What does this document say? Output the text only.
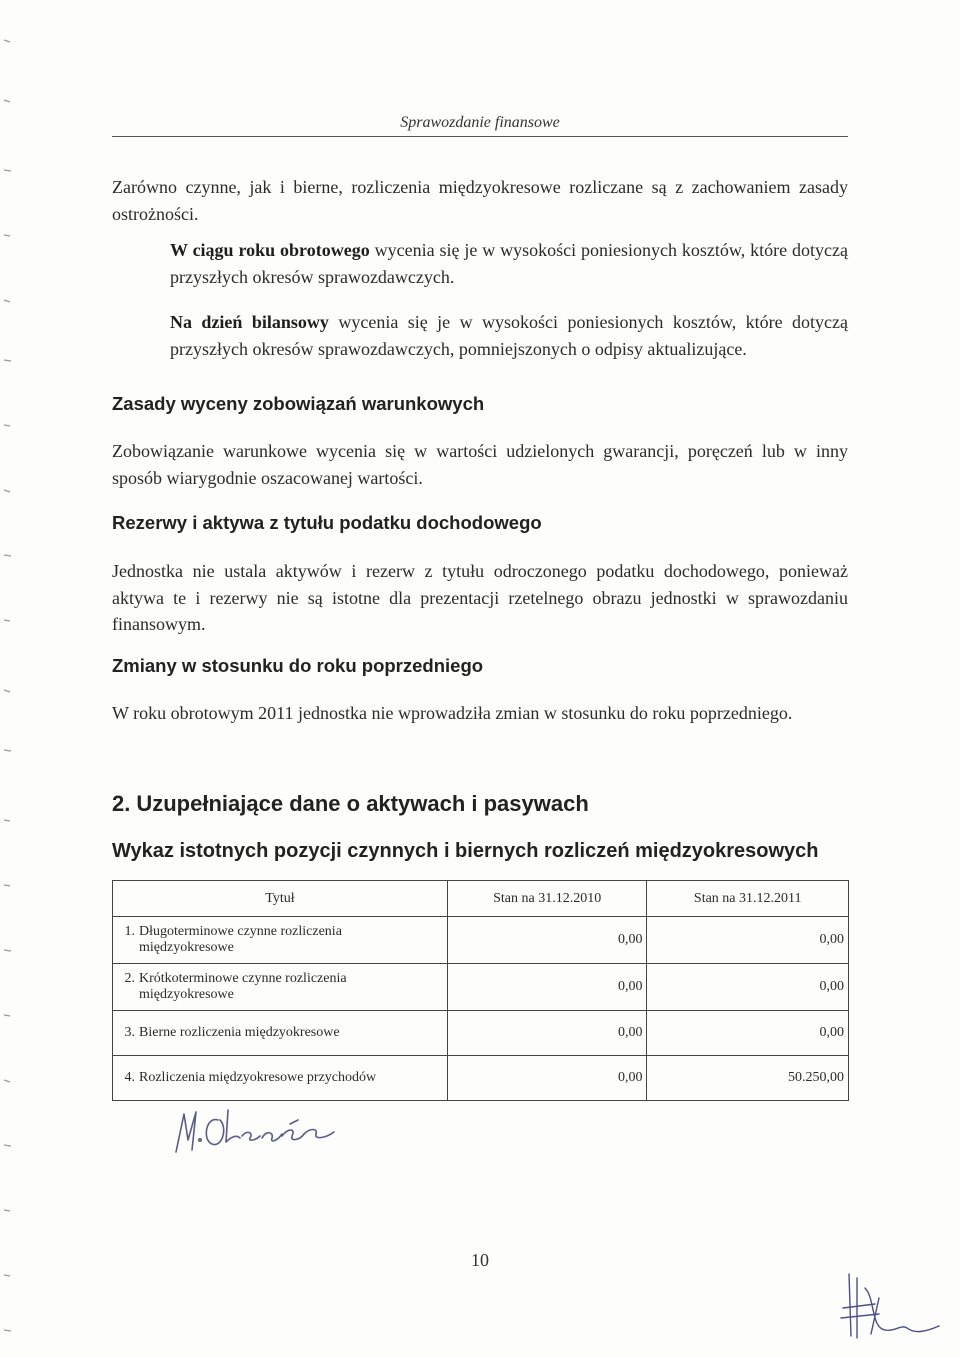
Sprawozdanie finansowe
Zarówno czynne, jak i bierne, rozliczenia międzyokresowe rozliczane są z zachowaniem zasady ostrożności.
W ciągu roku obrotowego wycenia się je w wysokości poniesionych kosztów, które dotyczą przyszłych okresów sprawozdawczych.
Na dzień bilansowy wycenia się je w wysokości poniesionych kosztów, które dotyczą przyszłych okresów sprawozdawczych, pomniejszonych o odpisy aktualizujące.
Zasady wyceny zobowiązań warunkowych
Zobowiązanie warunkowe wycenia się w wartości udzielonych gwarancji, poręczeń lub w inny sposób wiarygodnie oszacowanej wartości.
Rezerwy i aktywa z tytułu podatku dochodowego
Jednostka nie ustala aktywów i rezerw z tytułu odroczonego podatku dochodowego, ponieważ aktywa te i rezerwy nie są istotne dla prezentacji rzetelnego obrazu jednostki w sprawozdaniu finansowym.
Zmiany w stosunku do roku poprzedniego
W roku obrotowym 2011 jednostka nie wprowadziła zmian w stosunku do roku poprzedniego.
2. Uzupełniające dane o aktywach i pasywach
Wykaz istotnych pozycji czynnych i biernych rozliczeń międzyokresowych
Tytuł	Stan na 31.12.2010	Stan na 31.12.2011
1. Długoterminowe czynne rozliczenia międzyokresowe	0,00	0,00
2. Krótkoterminowe czynne rozliczenia międzyokresowe	0,00	0,00
3. Bierne rozliczenia międzyokresowe	0,00	0,00
4. Rozliczenia międzyokresowe przychodów	0,00	50.250,00
10
